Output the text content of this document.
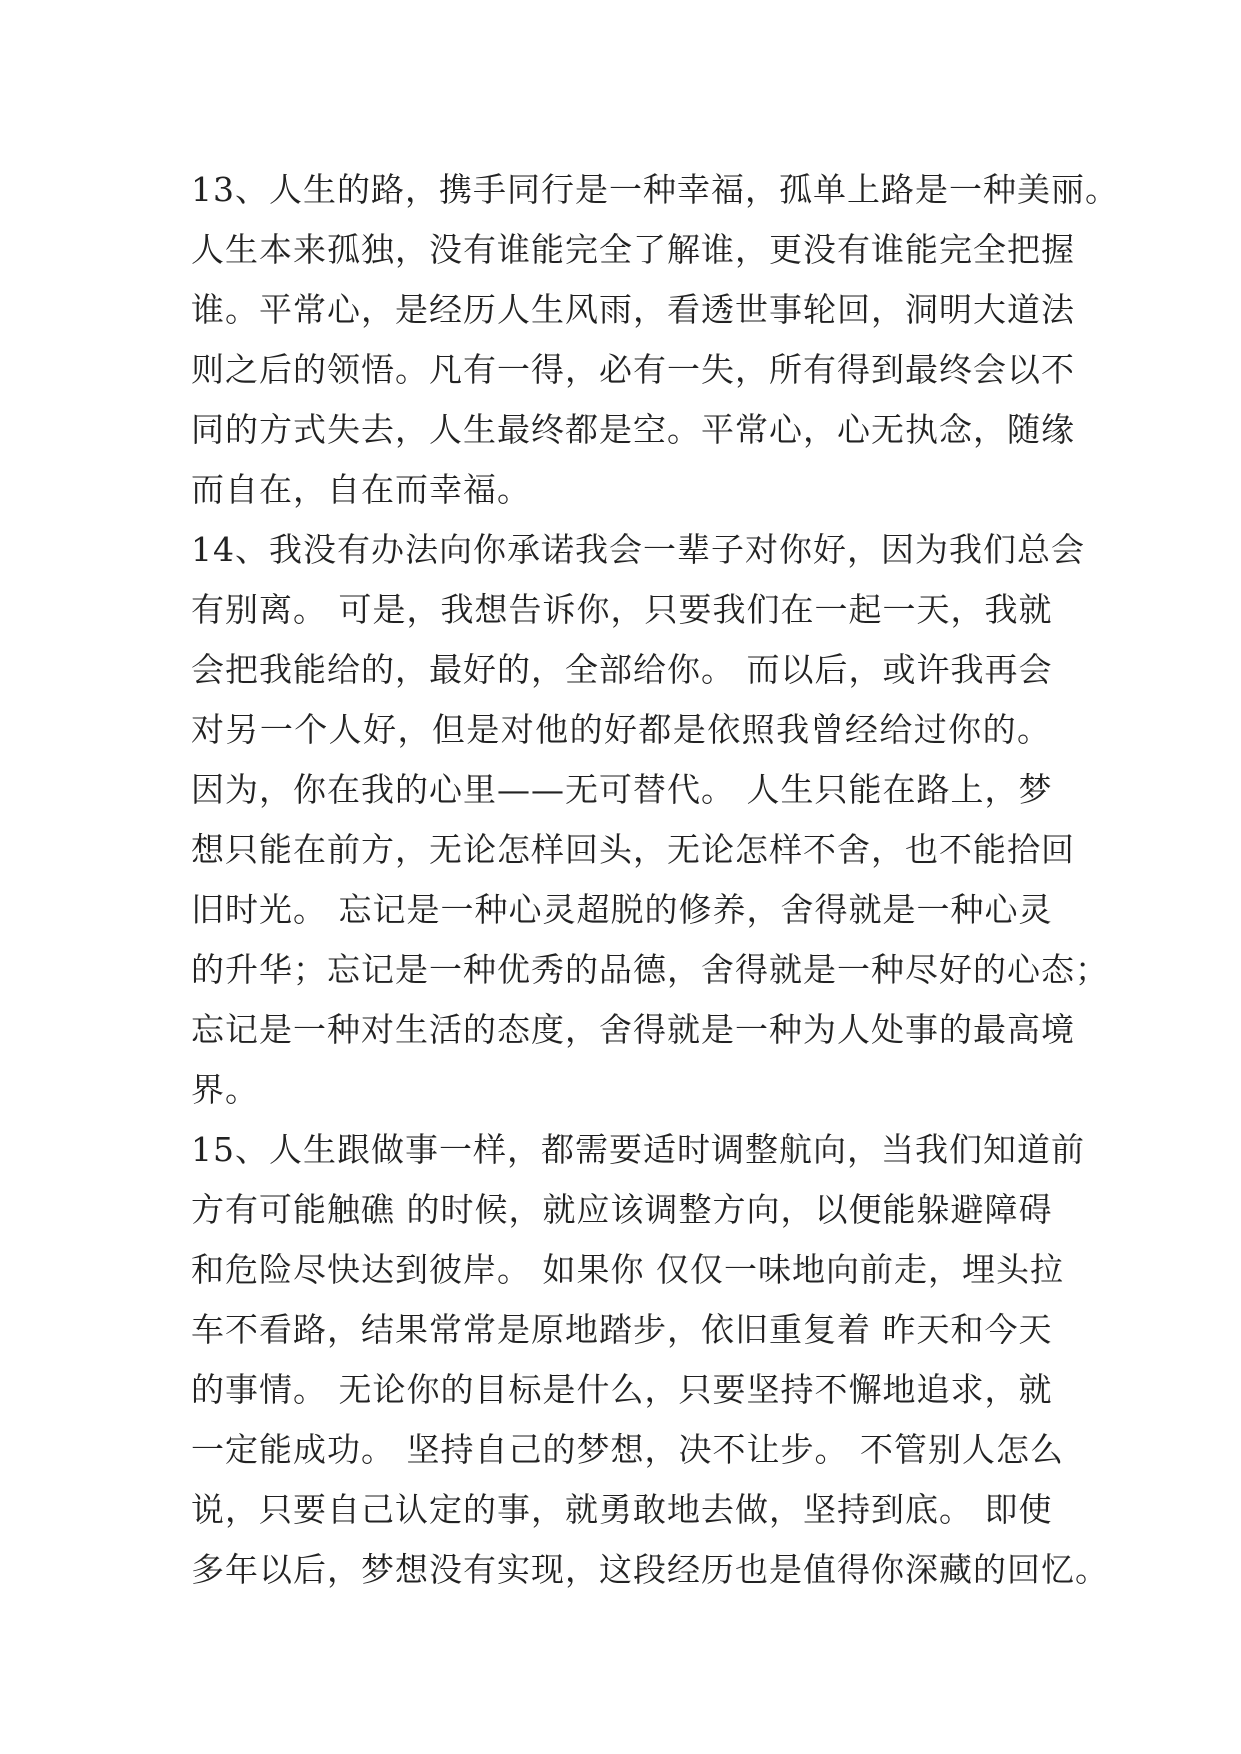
13、人生的路，携手同行是一种幸福，孤单上路是一种美丽。
人生本来孤独，没有谁能完全了解谁，更没有谁能完全把握
谁。平常心，是经历人生风雨，看透世事轮回，洞明大道法
则之后的领悟。凡有一得，必有一失，所有得到最终会以不
同的方式失去，人生最终都是空。平常心，心无执念，随缘
而自在，自在而幸福。
14、我没有办法向你承诺我会一辈子对你好，因为我们总会
有别离。 可是，我想告诉你，只要我们在一起一天，我就
会把我能给的，最好的，全部给你。 而以后，或许我再会
对另一个人好，但是对他的好都是依照我曾经给过你的。
因为，你在我的心里——无可替代。 人生只能在路上，梦
想只能在前方，无论怎样回头，无论怎样不舍，也不能拾回
旧时光。 忘记是一种心灵超脱的修养，舍得就是一种心灵
的升华；忘记是一种优秀的品德，舍得就是一种尽好的心态；
忘记是一种对生活的态度，舍得就是一种为人处事的最高境
界。
15、人生跟做事一样，都需要适时调整航向，当我们知道前
方有可能触礁 的时候，就应该调整方向，以便能躲避障碍
和危险尽快达到彼岸。 如果你 仅仅一味地向前走，埋头拉
车不看路，结果常常是原地踏步，依旧重复着 昨天和今天
的事情。 无论你的目标是什么，只要坚持不懈地追求，就
一定能成功。 坚持自己的梦想，决不让步。 不管别人怎么
说，只要自己认定的事，就勇敢地去做，坚持到底。 即使
多年以后，梦想没有实现，这段经历也是值得你深藏的回忆。
